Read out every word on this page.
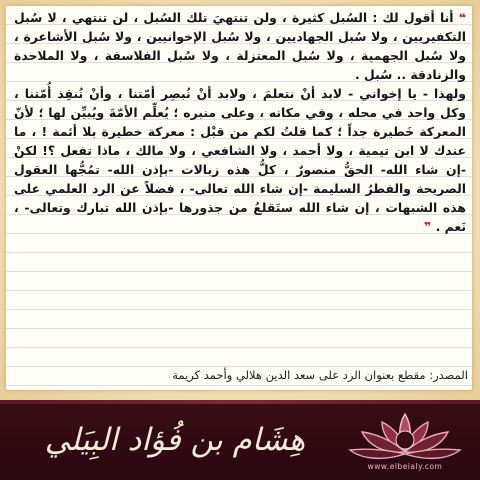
❝ أنا أقول لك : السُبل كثيرة ، ولن تنتهيَ تلك السُبل ، لن تنتهي ، لا سُبل التكفيريين ، ولا سُبل الجهاديين ، ولا سُبل الإخوانيين ، ولا سُبل الأشاعرة ، ولا سُبل الجهمية ، ولا سُبل المعتزلة ، ولا سُبل الفلاسفة ، ولا الملاحدة والزنادقة .. سُبل .

ولهذا - يا إخواني - لابد أنْ نتعلمَ ، ولابد أنْ نُبصِر أمّتنا ، وأنْ نُنقِذ أُمّتنا ، وكل واحد في محله ، وفي مكانه ، وعلى منبره ؛ يُعلِّم الأمّةَ ويُبيِّن لها ؛ لأنّ المعركة خَطيرة جداً ؛ كما قلتُ لكم من قبْل : معركة خطيرة بلا أئمة ! ، ما عندك لا ابن تيمية ، ولا أحمد ، ولا الشافعي ، ولا مالك ، ماذا تفعل ؟! لكنْ -إن شاء الله- الحقُّ منصورٌ ، كلُّ هذه زبالات -بإذن الله- تمُجُّها العقول الصريحة والفطرُ السليمة -إن شاء الله تعالى- ، فضلاً عن الرد العلمي على هذه الشبهات ، إن شاء الله ستَقلعُ من جذورها -بإذن الله تبارك وتعالى- ، نَعم . ❞

المصدر: مقطع بعنوان الرد على سعد الدين هلالي وأحمد كريمة
هِشَام بن فُؤاد البِيَلي
www.elbeialy.com
